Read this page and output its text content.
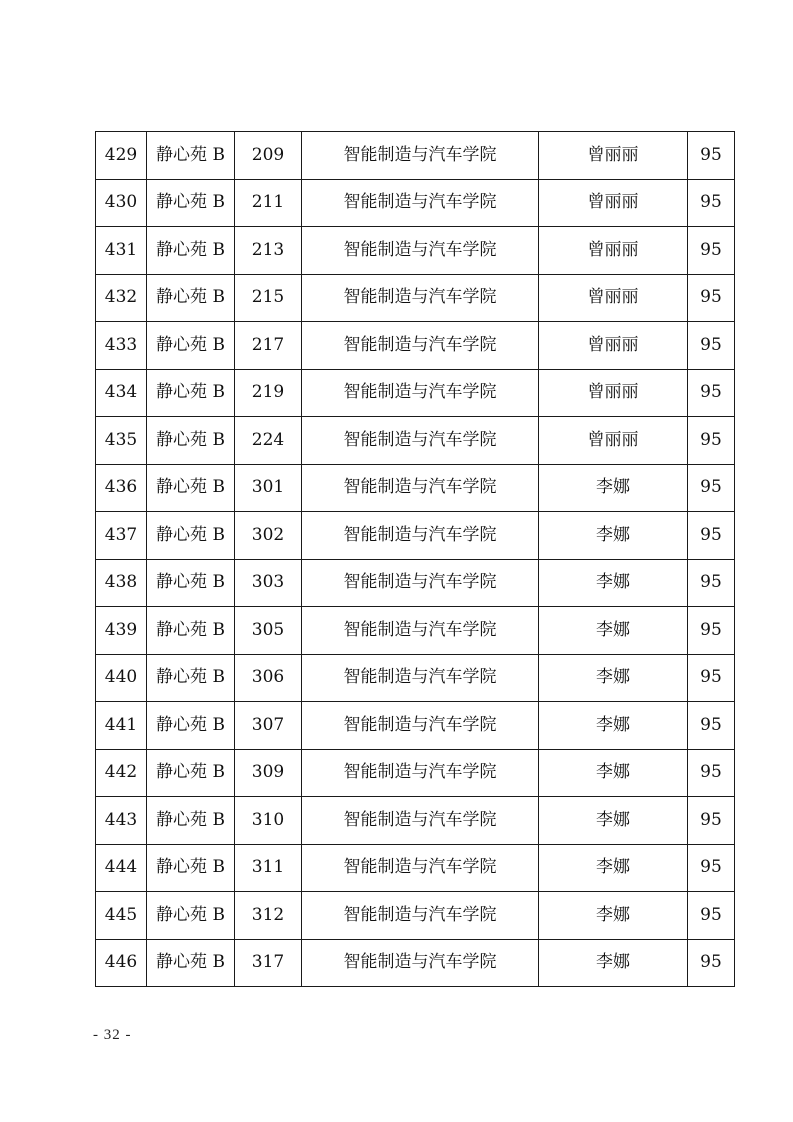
429	静心苑 B	209	智能制造与汽车学院	曾丽丽	95
430	静心苑 B	211	智能制造与汽车学院	曾丽丽	95
431	静心苑 B	213	智能制造与汽车学院	曾丽丽	95
432	静心苑 B	215	智能制造与汽车学院	曾丽丽	95
433	静心苑 B	217	智能制造与汽车学院	曾丽丽	95
434	静心苑 B	219	智能制造与汽车学院	曾丽丽	95
435	静心苑 B	224	智能制造与汽车学院	曾丽丽	95
436	静心苑 B	301	智能制造与汽车学院	李娜	95
437	静心苑 B	302	智能制造与汽车学院	李娜	95
438	静心苑 B	303	智能制造与汽车学院	李娜	95
439	静心苑 B	305	智能制造与汽车学院	李娜	95
440	静心苑 B	306	智能制造与汽车学院	李娜	95
441	静心苑 B	307	智能制造与汽车学院	李娜	95
442	静心苑 B	309	智能制造与汽车学院	李娜	95
443	静心苑 B	310	智能制造与汽车学院	李娜	95
444	静心苑 B	311	智能制造与汽车学院	李娜	95
445	静心苑 B	312	智能制造与汽车学院	李娜	95
446	静心苑 B	317	智能制造与汽车学院	李娜	95
- 32 -
